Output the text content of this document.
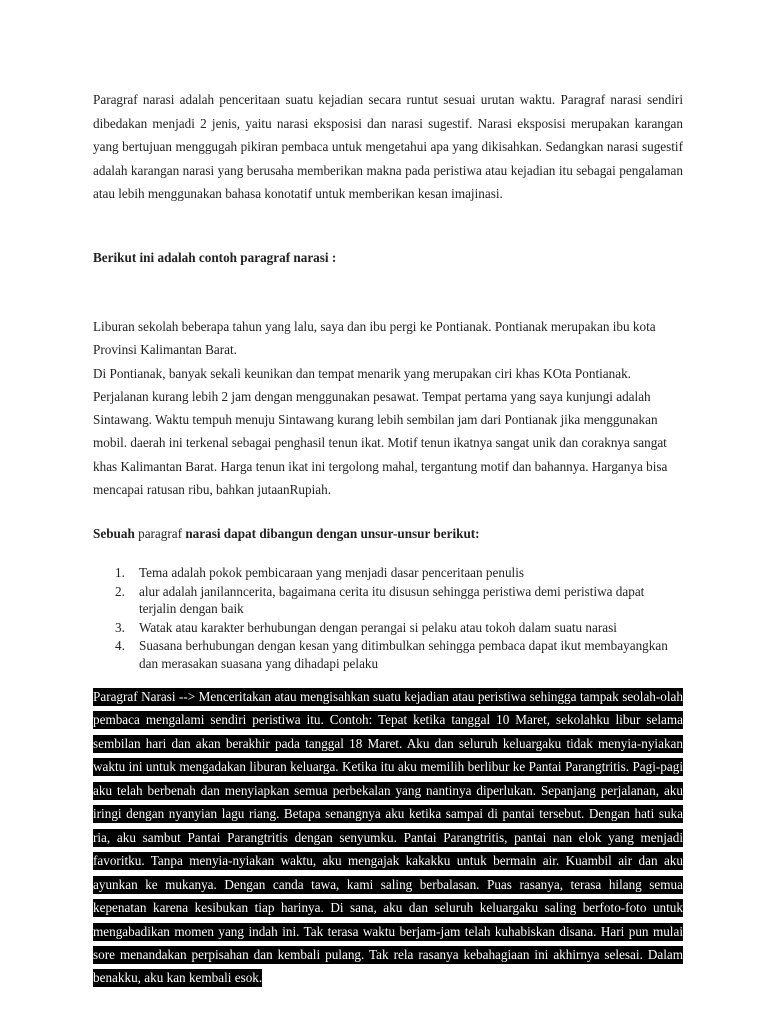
Paragraf narasi adalah penceritaan suatu kejadian secara runtut sesuai urutan waktu. Paragraf narasi sendiri dibedakan menjadi 2 jenis, yaitu narasi eksposisi dan narasi sugestif. Narasi eksposisi merupakan karangan yang bertujuan menggugah pikiran pembaca untuk mengetahui apa yang dikisahkan. Sedangkan narasi sugestif adalah karangan narasi yang berusaha memberikan makna pada peristiwa atau kejadian itu sebagai pengalaman atau lebih menggunakan bahasa konotatif untuk memberikan kesan imajinasi.

Berikut ini adalah contoh paragraf narasi :

Liburan sekolah beberapa tahun yang lalu, saya dan ibu pergi ke Pontianak. Pontianak merupakan ibu kota Provinsi Kalimantan Barat.

Di Pontianak, banyak sekali keunikan dan tempat menarik yang merupakan ciri khas KOta Pontianak. Perjalanan kurang lebih 2 jam dengan menggunakan pesawat. Tempat pertama yang saya kunjungi adalah Sintawang. Waktu tempuh menuju Sintawang kurang lebih sembilan jam dari Pontianak jika menggunakan mobil. daerah ini terkenal sebagai penghasil tenun ikat. Motif tenun ikatnya sangat unik dan coraknya sangat khas Kalimantan Barat. Harga tenun ikat ini tergolong mahal, tergantung motif dan bahannya. Harganya bisa mencapai ratusan ribu, bahkan jutaanRupiah.

Sebuah paragraf narasi dapat dibangun dengan unsur-unsur berikut:

1. Tema adalah pokok pembicaraan yang menjadi dasar penceritaan penulis
2. alur adalah janilanncerita, bagaimana cerita itu disusun sehingga peristiwa demi peristiwa dapat terjalin dengan baik
3. Watak atau karakter berhubungan dengan perangai si pelaku atau tokoh dalam suatu narasi
4. Suasana berhubungan dengan kesan yang ditimbulkan sehingga pembaca dapat ikut membayangkan dan merasakan suasana yang dihadapi pelaku
Paragraf Narasi --> Menceritakan atau mengisahkan suatu kejadian atau peristiwa sehingga tampak seolah-olah pembaca mengalami sendiri peristiwa itu. Contoh: Tepat ketika tanggal 10 Maret, sekolahku libur selama sembilan hari dan akan berakhir pada tanggal 18 Maret. Aku dan seluruh keluargaku tidak menyia-nyiakan waktu ini untuk mengadakan liburan keluarga. Ketika itu aku memilih berlibur ke Pantai Parangtritis. Pagi-pagi aku telah berbenah dan menyiapkan semua perbekalan yang nantinya diperlukan. Sepanjang perjalanan, aku iringi dengan nyanyian lagu riang. Betapa senangnya aku ketika sampai di pantai tersebut. Dengan hati suka ria, aku sambut Pantai Parangtritis dengan senyumku. Pantai Parangtritis, pantai nan elok yang menjadi favoritku. Tanpa menyia-nyiakan waktu, aku mengajak kakakku untuk bermain air. Kuambil air dan aku ayunkan ke mukanya. Dengan canda tawa, kami saling berbalasan. Puas rasanya, terasa hilang semua kepenatan karena kesibukan tiap harinya. Di sana, aku dan seluruh keluargaku saling berfoto-foto untuk mengabadikan momen yang indah ini. Tak terasa waktu berjam-jam telah kuhabiskan disana. Hari pun mulai sore menandakan perpisahan dan kembali pulang. Tak rela rasanya kebahagiaan ini akhirnya selesai. Dalam benakku, aku kan kembali esok.
